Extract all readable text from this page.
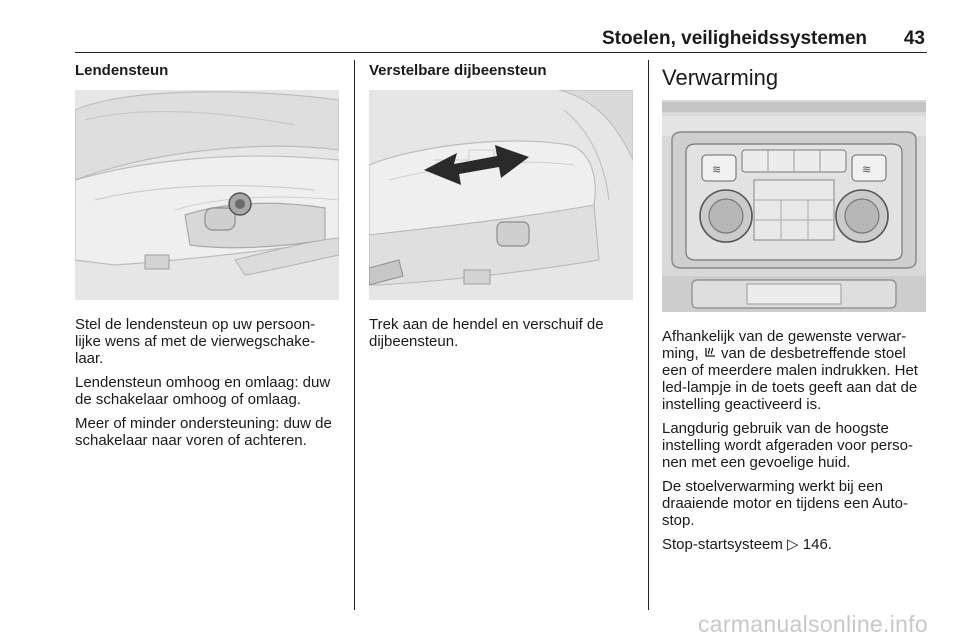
Stoelen, veiligheidssystemen 43
Lendensteun

Stel de lendensteun op uw persoon-lijke wens af met de vierwegschake-laar.

Lendensteun omhoog en omlaag: duw de schakelaar omhoog of omlaag.

Meer of minder ondersteuning: duw de schakelaar naar voren of achteren.

Verstelbare dijbeensteun

Trek aan de hendel en verschuif de dijbeensteun.

Verwarming
≋	≋

Afhankelijk van de gewenste verwar-ming, van de desbetreffende stoel een of meerdere malen indrukken. Het led-lampje in de toets geeft aan dat de instelling geactiveerd is.

Langdurig gebruik van de hoogste instelling wordt afgeraden voor perso-nen met een gevoelige huid.

De stoelverwarming werkt bij een draaiende motor en tijdens een Auto-stop.

Stop-startsysteem ▷ 146.

carmanualsonline.info
